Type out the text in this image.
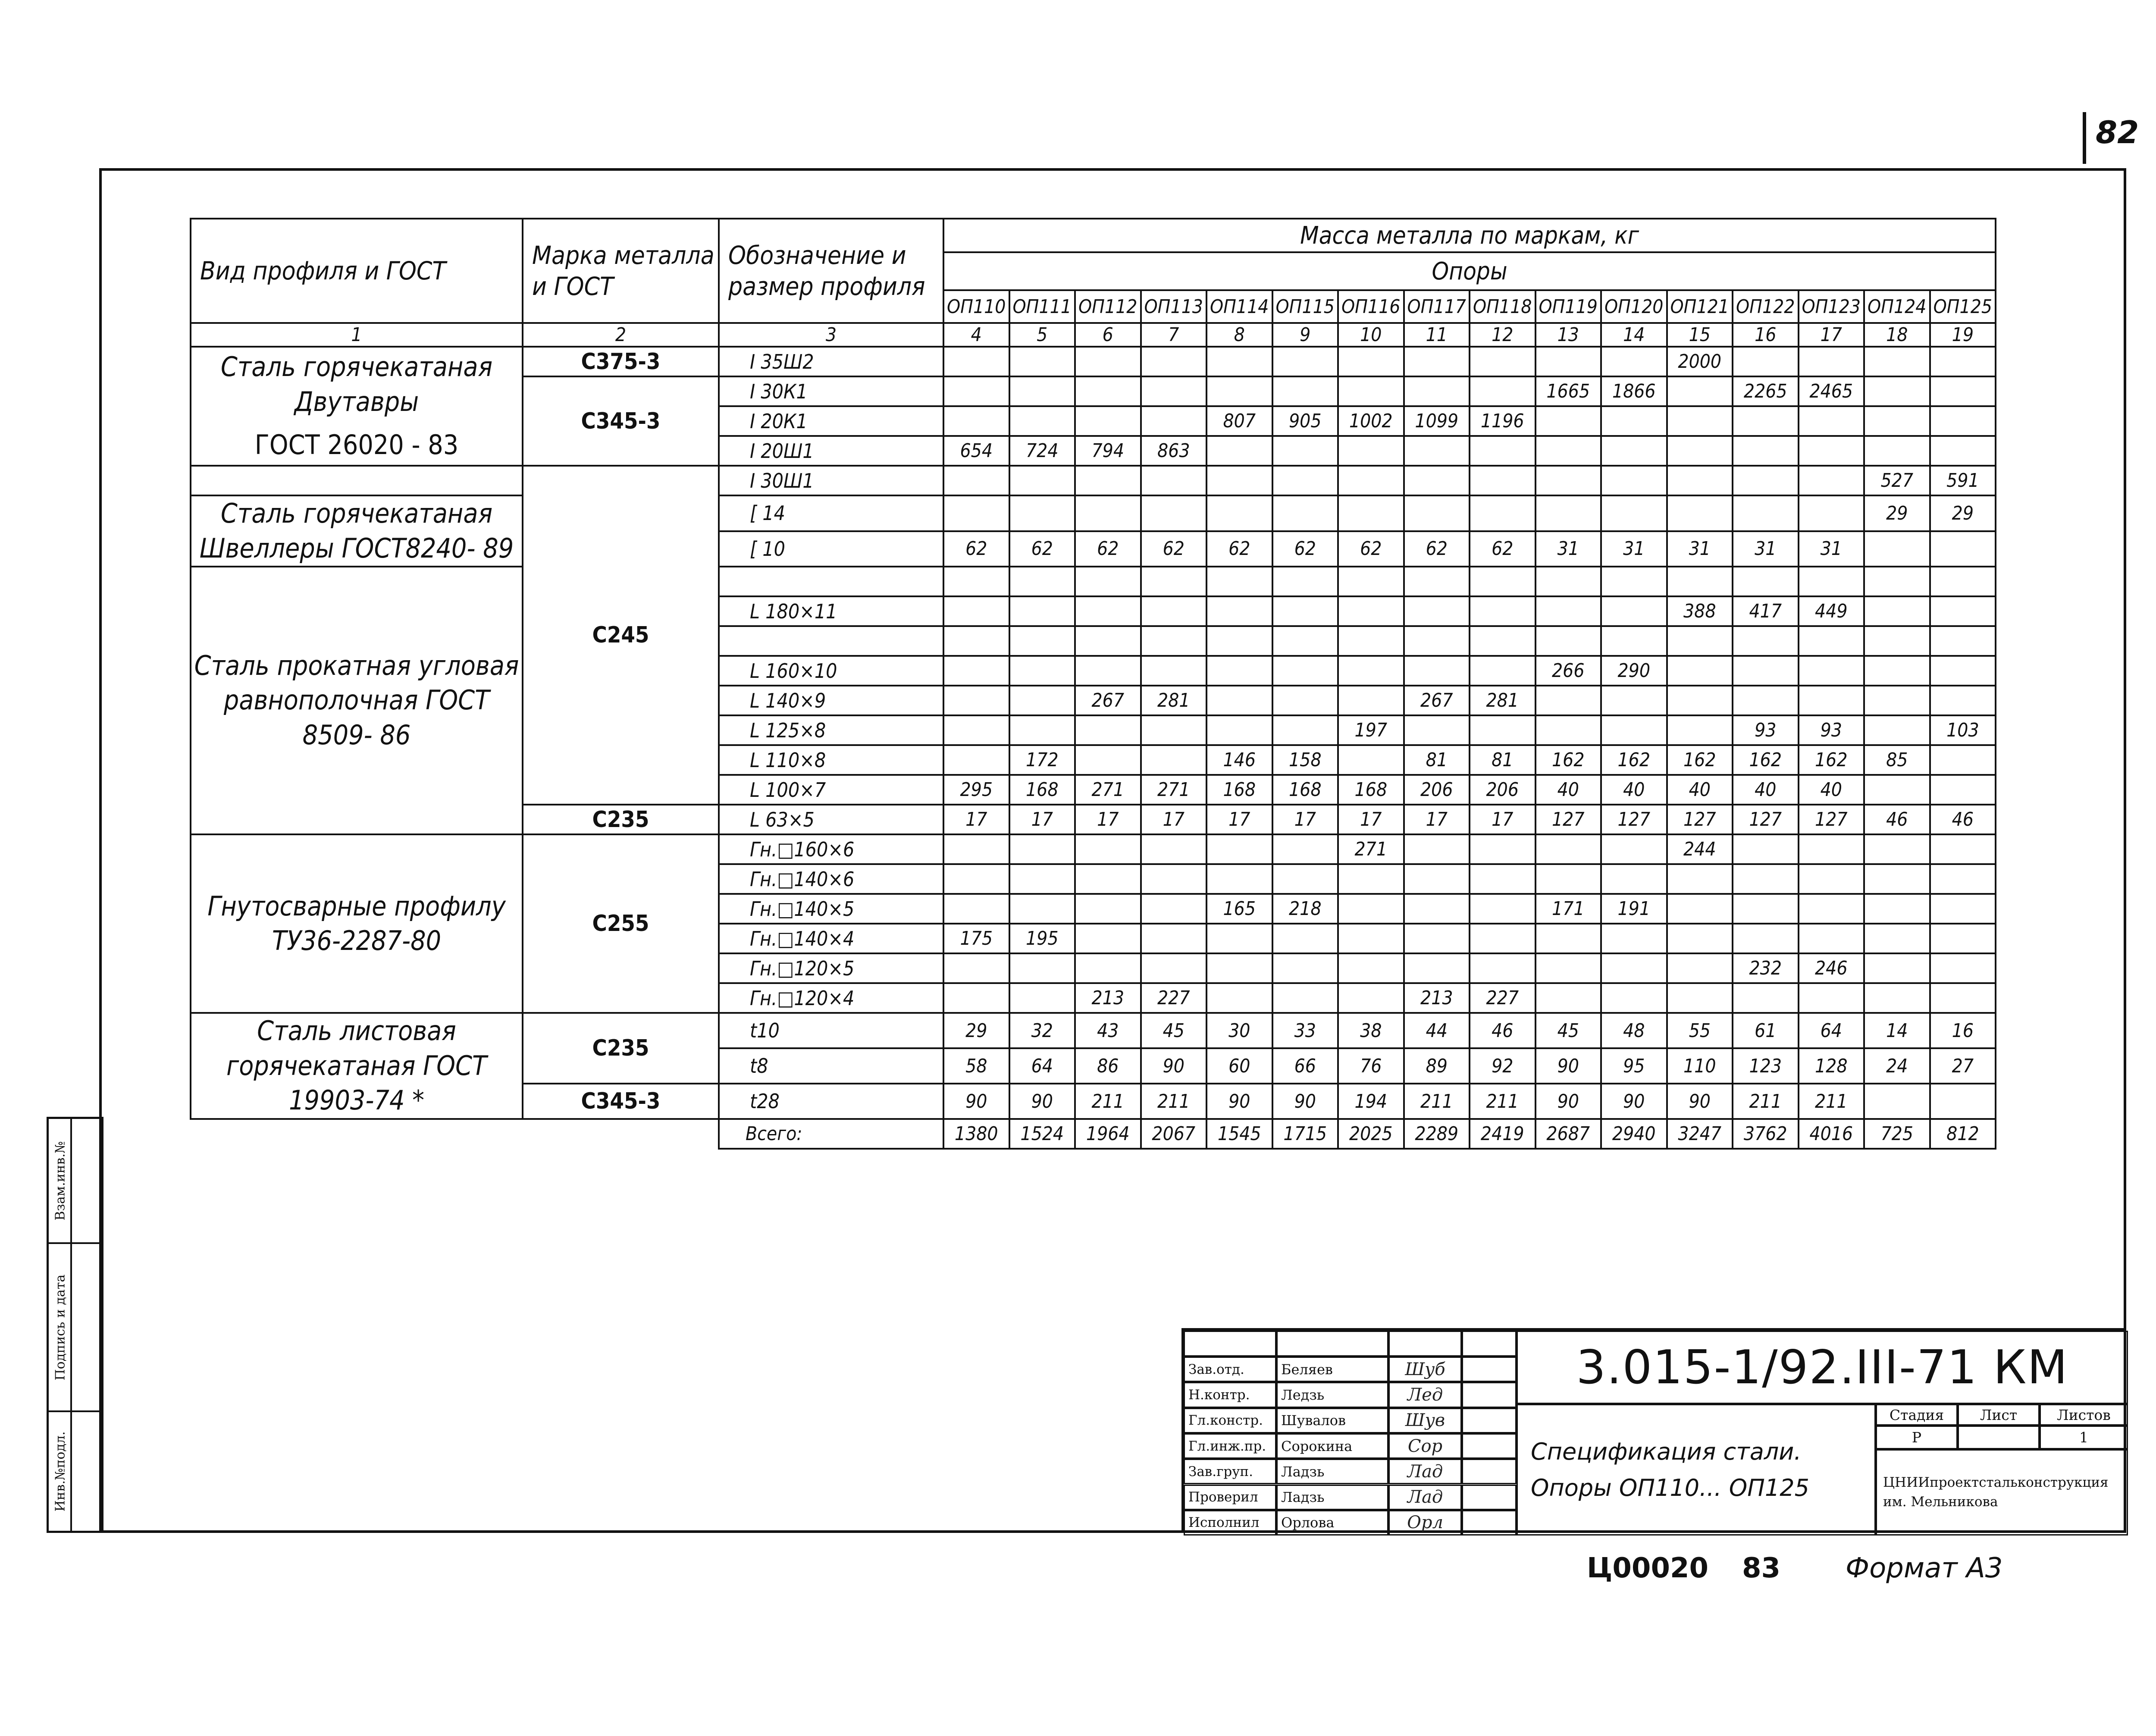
82
Вид профиля и ГОСТ	Марка металла и ГОСТ	Обозначение и размер профиля	Масса металла по маркам, кг															
			Опоры															
			ОП110	ОП111	ОП112	ОП113	ОП114	ОП115	ОП116	ОП117	ОП118	ОП119	ОП120	ОП121	ОП122	ОП123	ОП124	ОП125
1	2	3	4	5	6	7	8	9	10	11	12	13	14	15	16	17	18	19

Сталь горячекатаная Двутавры
ГОСТ 26020 - 83	С375-3	I 35Ш2												2000				
	С345-3	I 30К1										1665	1866		2265	2465		
		I 20К1					807	905	1002	1099	1196							
		I 20Ш1	654	724	794	863												
	С245	I 30Ш1															527	591

Сталь горячекатаная Швеллеры ГОСТ8240- 89		[ 14															29	29
		[ 10	62	62	62	62	62	62	62	62	62	31	31	31	31	31		

Сталь прокатная угловая равнополочная ГОСТ 8509- 86																		

		L 180×11												388	417	449		

		L 160×10										266	290					
		L 140×9			267	281				267	281							
		L 125×8							197						93	93		103
		L 110×8		172			146	158		81	81	162	162	162	162	162	85	
		L 100×7	295	168	271	271	168	168	168	206	206	40	40	40	40	40		
	С235	L 63×5	17	17	17	17	17	17	17	17	17	127	127	127	127	127	46	46

Гнутосварные профилу ТУ36-2287-80	С255	Гн.□160×6							271					244				
		Гн.□140×6																
		Гн.□140×5					165	218				171	191					
		Гн.□140×4	175	195														
		Гн.□120×5													232	246		
		Гн.□120×4			213	227				213	227							

Сталь листовая горячекатаная ГОСТ 19903-74 *	С235	t10	29	32	43	45	30	33	38	44	46	45	48	55	61	64	14	16
		t8	58	64	86	90	60	66	76	89	92	90	95	110	123	128	24	27
	С345-3	t28	90	90	211	211	90	90	194	211	211	90	90	90	211	211		
		Всего:	1380	1524	1964	2067	1545	1715	2025	2289	2419	2687	2940	3247	3762	4016	725	812
Взам.инв.№
Подпись и дата
Инв.№подл.
Зав.отд.	Беляев	Шуб
Н.контр.	Ледзь	Лед
Гл.констр.	Шувалов	Шув
Гл.инж.пр.	Сорокина	Сор
Зав.груп.	Ладзь	Лад
Проверил	Ладзь	Лад
Исполнил	Орлова	Орл
3.015-1/92.III-71 КМ
Спецификация стали.
Опоры ОП110... ОП125
Стадия	Лист	Листов
Р	1
ЦНИИпроектстальконструкция им. Мельникова
Ц00020 83 Формат А3
